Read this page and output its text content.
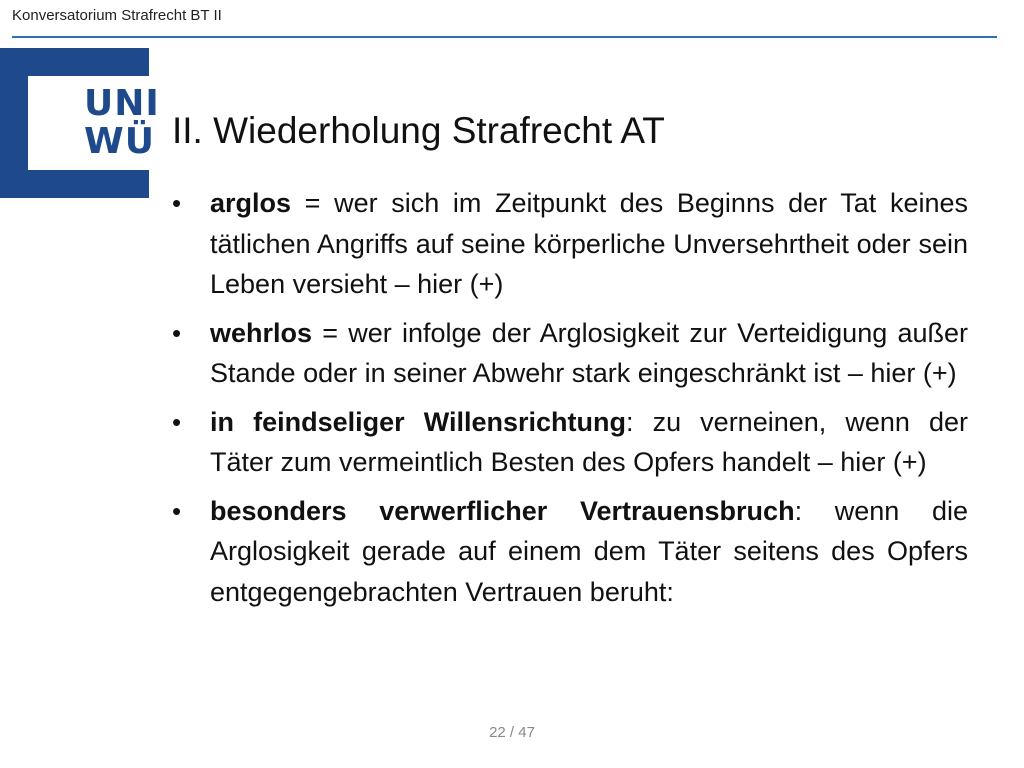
Konversatorium Strafrecht BT II
UNI
WÜ II. Wiederholung Strafrecht AT
•	arglos = wer sich im Zeitpunkt des Beginns der Tat keines tätlichen Angriffs auf seine körperliche Unversehrtheit oder sein Leben versieht – hier (+)
•	wehrlos = wer infolge der Arglosigkeit zur Verteidigung außer Stande oder in seiner Abwehr stark eingeschränkt ist – hier (+)
•	in feindseliger Willensrichtung: zu verneinen, wenn der Täter zum vermeintlich Besten des Opfers handelt – hier (+)
•	besonders verwerflicher Vertrauensbruch: wenn die Arglosigkeit gerade auf einem dem Täter seitens des Opfers entgegengebrachten Vertrauen beruht:
22 / 47
